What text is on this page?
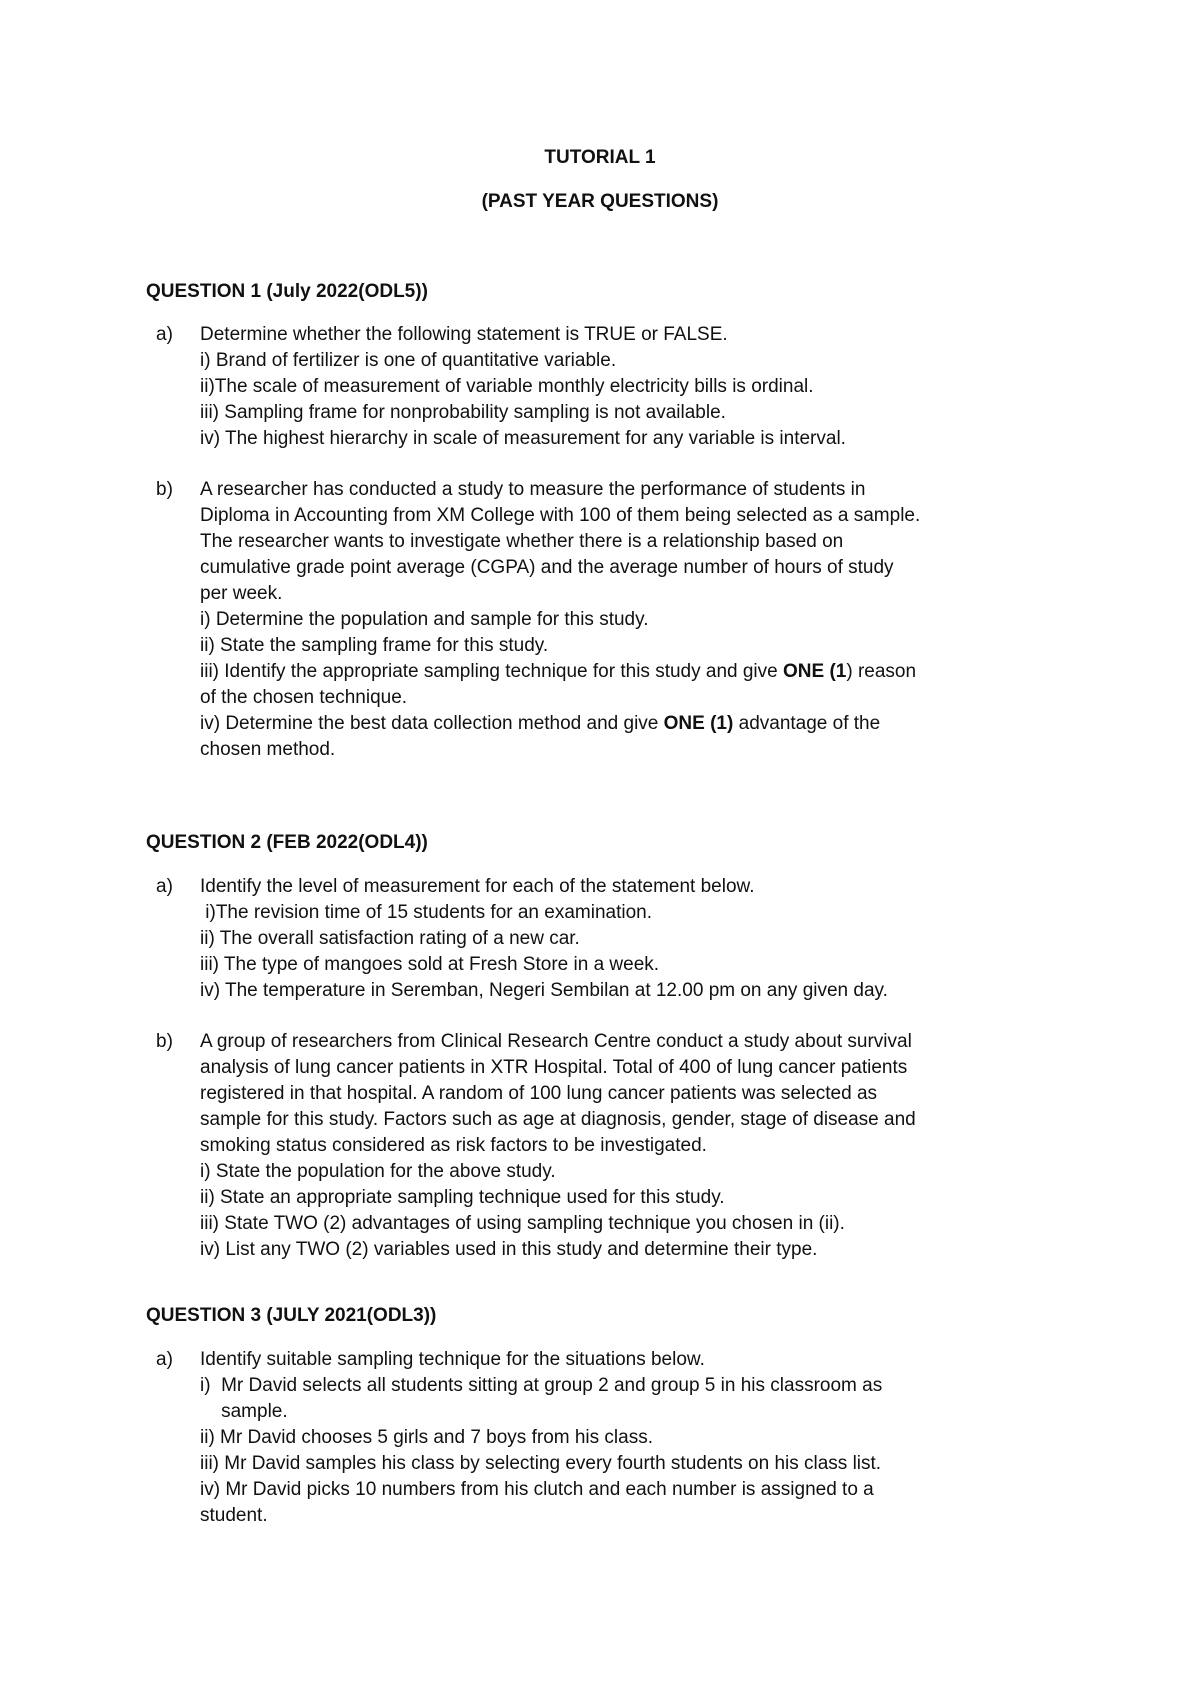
TUTORIAL 1
(PAST YEAR QUESTIONS)
QUESTION 1 (July 2022(ODL5))
a) Determine whether the following statement is TRUE or FALSE.
i) Brand of fertilizer is one of quantitative variable.
ii)The scale of measurement of variable monthly electricity bills is ordinal.
iii) Sampling frame for nonprobability sampling is not available.
iv) The highest hierarchy in scale of measurement for any variable is interval.
b) A researcher has conducted a study to measure the performance of students in
Diploma in Accounting from XM College with 100 of them being selected as a sample.
The researcher wants to investigate whether there is a relationship based on
cumulative grade point average (CGPA) and the average number of hours of study
per week.
i) Determine the population and sample for this study.
ii) State the sampling frame for this study.
iii) Identify the appropriate sampling technique for this study and give ONE (1) reason
of the chosen technique.
iv) Determine the best data collection method and give ONE (1) advantage of the
chosen method.
QUESTION 2 (FEB 2022(ODL4))
a) Identify the level of measurement for each of the statement below.
i)The revision time of 15 students for an examination.
ii) The overall satisfaction rating of a new car.
iii) The type of mangoes sold at Fresh Store in a week.
iv) The temperature in Seremban, Negeri Sembilan at 12.00 pm on any given day.
b) A group of researchers from Clinical Research Centre conduct a study about survival
analysis of lung cancer patients in XTR Hospital. Total of 400 of lung cancer patients
registered in that hospital. A random of 100 lung cancer patients was selected as
sample for this study. Factors such as age at diagnosis, gender, stage of disease and
smoking status considered as risk factors to be investigated.
i) State the population for the above study.
ii) State an appropriate sampling technique used for this study.
iii) State TWO (2) advantages of using sampling technique you chosen in (ii).
iv) List any TWO (2) variables used in this study and determine their type.
QUESTION 3 (JULY 2021(ODL3))
a) Identify suitable sampling technique for the situations below.
i)  Mr David selects all students sitting at group 2 and group 5 in his classroom as
sample.
ii) Mr David chooses 5 girls and 7 boys from his class.
iii) Mr David samples his class by selecting every fourth students on his class list.
iv) Mr David picks 10 numbers from his clutch and each number is assigned to a
student.
